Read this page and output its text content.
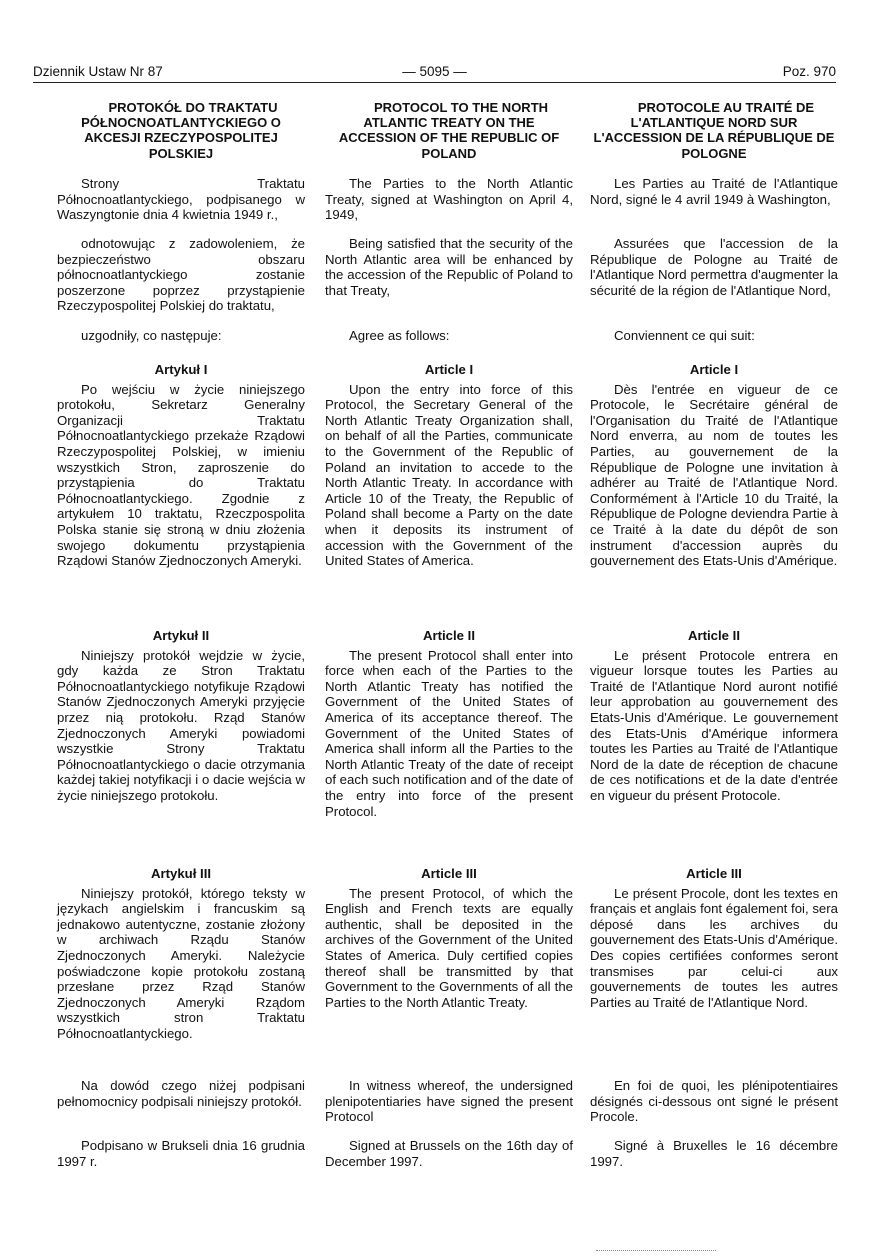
Dziennik Ustaw Nr 87	— 5095 —	Poz. 970

PROTOKÓŁ DO TRAKTATU PÓŁNOCNOATLANTYCKIEGO O AKCESJI RZECZYPOSPOLITEJ POLSKIEJ

Strony Traktatu Północnoatlantyckiego, podpisanego w Waszyngtonie dnia 4 kwietnia 1949 r.,

odnotowując z zadowoleniem, że bezpieczeństwo obszaru północnoatlantyckiego zostanie poszerzone poprzez przystąpienie Rzeczypospolitej Polskiej do traktatu,

uzgodniły, co następuje:

Artykuł I

Po wejściu w życie niniejszego protokołu, Sekretarz Generalny Organizacji Traktatu Północnoatlantyckiego przekaże Rządowi Rzeczypospolitej Polskiej, w imieniu wszystkich Stron, zaproszenie do przystąpienia do Traktatu Północnoatlantyckiego. Zgodnie z artykułem 10 traktatu, Rzeczpospolita Polska stanie się stroną w dniu złożenia swojego dokumentu przystąpienia Rządowi Stanów Zjednoczonych Ameryki.

Artykuł II

Niniejszy protokół wejdzie w życie, gdy każda ze Stron Traktatu Północnoatlantyckiego notyfikuje Rządowi Stanów Zjednoczonych Ameryki przyjęcie przez nią protokołu. Rząd Stanów Zjednoczonych Ameryki powiadomi wszystkie Strony Traktatu Północnoatlantyckiego o dacie otrzymania każdej takiej notyfikacji i o dacie wejścia w życie niniejszego protokołu.

Artykuł III

Niniejszy protokół, którego teksty w językach angielskim i francuskim są jednakowo autentyczne, zostanie złożony w archiwach Rządu Stanów Zjednoczonych Ameryki. Należycie poświadczone kopie protokołu zostaną przesłane przez Rząd Stanów Zjednoczonych Ameryki Rządom wszystkich stron Traktatu Północnoatlantyckiego.

Na dowód czego niżej podpisani pełnomocnicy podpisali niniejszy protokół.

Podpisano w Brukseli dnia 16 grudnia 1997 r.

PROTOCOL TO THE NORTH ATLANTIC TREATY ON THE ACCESSION OF THE REPUBLIC OF POLAND

The Parties to the North Atlantic Treaty, signed at Washington on April 4, 1949,

Being satisfied that the security of the North Atlantic area will be enhanced by the accession of the Republic of Poland to that Treaty,

Agree as follows:

Article I

Upon the entry into force of this Protocol, the Secretary General of the North Atlantic Treaty Organization shall, on behalf of all the Parties, communicate to the Government of the Republic of Poland an invitation to accede to the North Atlantic Treaty. In accordance with Article 10 of the Treaty, the Republic of Poland shall become a Party on the date when it deposits its instrument of accession with the Government of the United States of America.

Article II

The present Protocol shall enter into force when each of the Parties to the North Atlantic Treaty has notified the Government of the United States of America of its acceptance thereof. The Government of the United States of America shall inform all the Parties to the North Atlantic Treaty of the date of receipt of each such notification and of the date of the entry into force of the present Protocol.

Article III

The present Protocol, of which the English and French texts are equally authentic, shall be deposited in the archives of the Government of the United States of America. Duly certified copies thereof shall be transmitted by that Government to the Governments of all the Parties to the North Atlantic Treaty.

In witness whereof, the undersigned plenipotentiaries have signed the present Protocol

Signed at Brussels on the 16th day of December 1997.

PROTOCOLE AU TRAITÉ DE L'ATLANTIQUE NORD SUR L'ACCESSION DE LA RÉPUBLIQUE DE POLOGNE

Les Parties au Traité de l'Atlantique Nord, signé le 4 avril 1949 à Washington,

Assurées que l'accession de la République de Pologne au Traité de l'Atlantique Nord permettra d'augmenter la sécurité de la région de l'Atlantique Nord,

Conviennent ce qui suit:

Article I

Dès l'entrée en vigueur de ce Protocole, le Secrétaire général de l'Organisation du Traité de l'Atlantique Nord enverra, au nom de toutes les Parties, au gouvernement de la République de Pologne une invitation à adhérer au Traité de l'Atlantique Nord. Conformément à l'Article 10 du Traité, la République de Pologne deviendra Partie à ce Traité à la date du dépôt de son instrument d'accession auprès du gouvernement des Etats-Unis d'Amérique.

Article II

Le présent Protocole entrera en vigueur lorsque toutes les Parties au Traité de l'Atlantique Nord auront notifié leur approbation au gouvernement des Etats-Unis d'Amérique. Le gouvernement des Etats-Unis d'Amérique informera toutes les Parties au Traité de l'Atlantique Nord de la date de réception de chacune de ces notifications et de la date d'entrée en vigueur du présent Protocole.

Article III

Le présent Procole, dont les textes en français et anglais font également foi, sera déposé dans les archives du gouvernement des Etats-Unis d'Amérique. Des copies certifiées conformes seront transmises par celui-ci aux gouvernements de toutes les autres Parties au Traité de l'Atlantique Nord.

En foi de quoi, les plénipotentiaires désignés ci-dessous ont signé le présent Procole.

Signé à Bruxelles le 16 décembre 1997.
